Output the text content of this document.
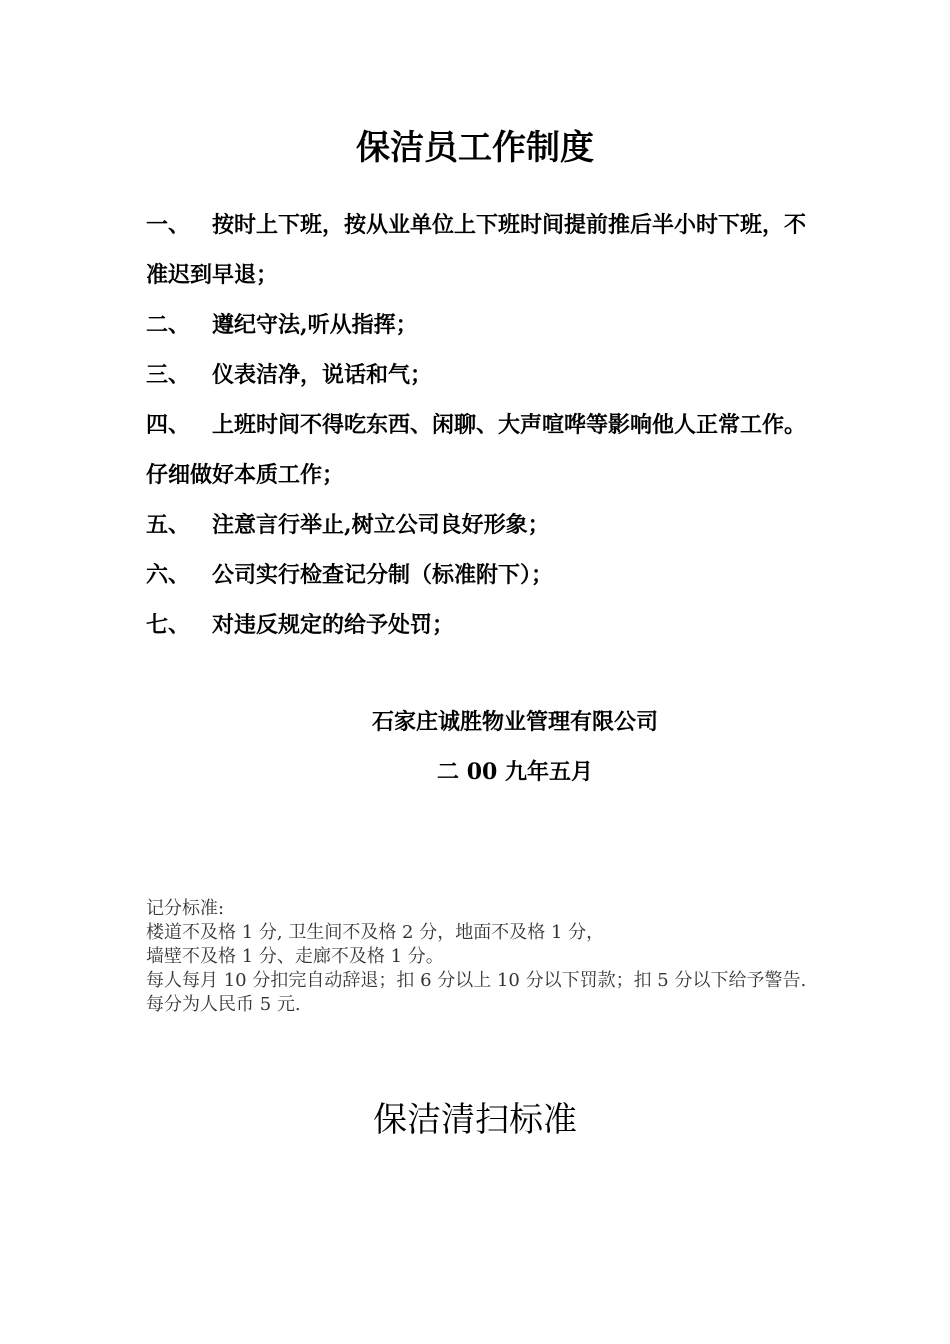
保洁员工作制度
一、 按时上下班，按从业单位上下班时间提前推后半小时下班，不准迟到早退；
二、 遵纪守法,听从指挥；
三、 仪表洁净，说话和气；
四、 上班时间不得吃东西、闲聊、大声喧哗等影响他人正常工作。仔细做好本质工作；
五、 注意言行举止,树立公司良好形象；
六、 公司实行检查记分制（标准附下）；
七、 对违反规定的给予处罚；

石家庄诚胜物业管理有限公司

二 00 九年五月

记分标准:
楼道不及格 1 分, 卫生间不及格 2 分，地面不及格 1 分，
墙壁不及格 1 分、走廊不及格 1 分。
每人每月 10 分扣完自动辞退；扣 6 分以上 10 分以下罚款；扣 5 分以下给予警告.
每分为人民币 5 元.
保洁清扫标准
